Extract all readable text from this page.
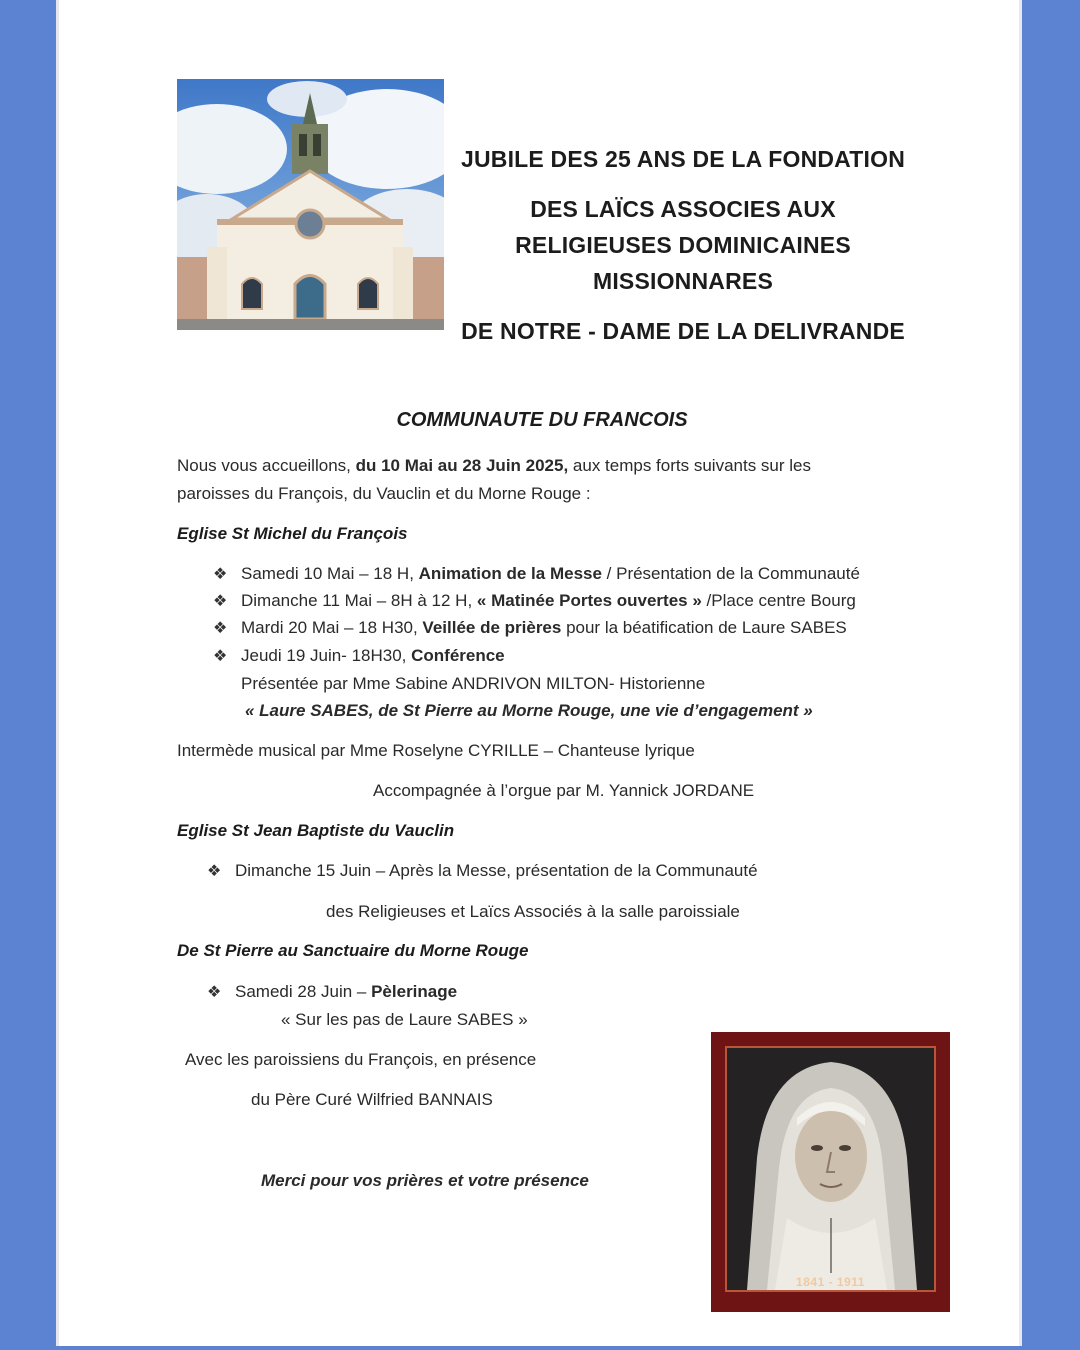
JUBILE DES 25 ANS DE LA FONDATION
DES LAÏCS ASSOCIES AUX
RELIGIEUSES DOMINICAINES
MISSIONNARES
DE NOTRE - DAME DE LA DELIVRANDE
COMMUNAUTE DU FRANCOIS
Nous vous accueillons, du 10 Mai au 28 Juin 2025, aux temps forts suivants sur les
paroisses du François, du Vauclin et du Morne Rouge :
Eglise St Michel du François
❖ Samedi 10 Mai – 18 H, Animation de la Messe / Présentation de la Communauté
❖ Dimanche 11 Mai – 8H à 12 H, « Matinée Portes ouvertes » /Place centre Bourg
❖ Mardi 20 Mai – 18 H30, Veillée de prières pour la béatification de Laure SABES
❖ Jeudi 19 Juin- 18H30, Conférence
Présentée par Mme Sabine ANDRIVON MILTON- Historienne
« Laure SABES, de St Pierre au Morne Rouge, une vie d’engagement »
Intermède musical par Mme Roselyne CYRILLE – Chanteuse lyrique
Accompagnée à l’orgue par M. Yannick JORDANE
Eglise St Jean Baptiste du Vauclin
❖ Dimanche 15 Juin – Après la Messe, présentation de la Communauté
des Religieuses et Laïcs Associés à la salle paroissiale
De St Pierre au Sanctuaire du Morne Rouge
❖ Samedi 28 Juin – Pèlerinage
« Sur les pas de Laure SABES »
Avec les paroissiens du François, en présence
du Père Curé Wilfried BANNAIS
Merci pour vos prières et votre présence
1841 - 1911
